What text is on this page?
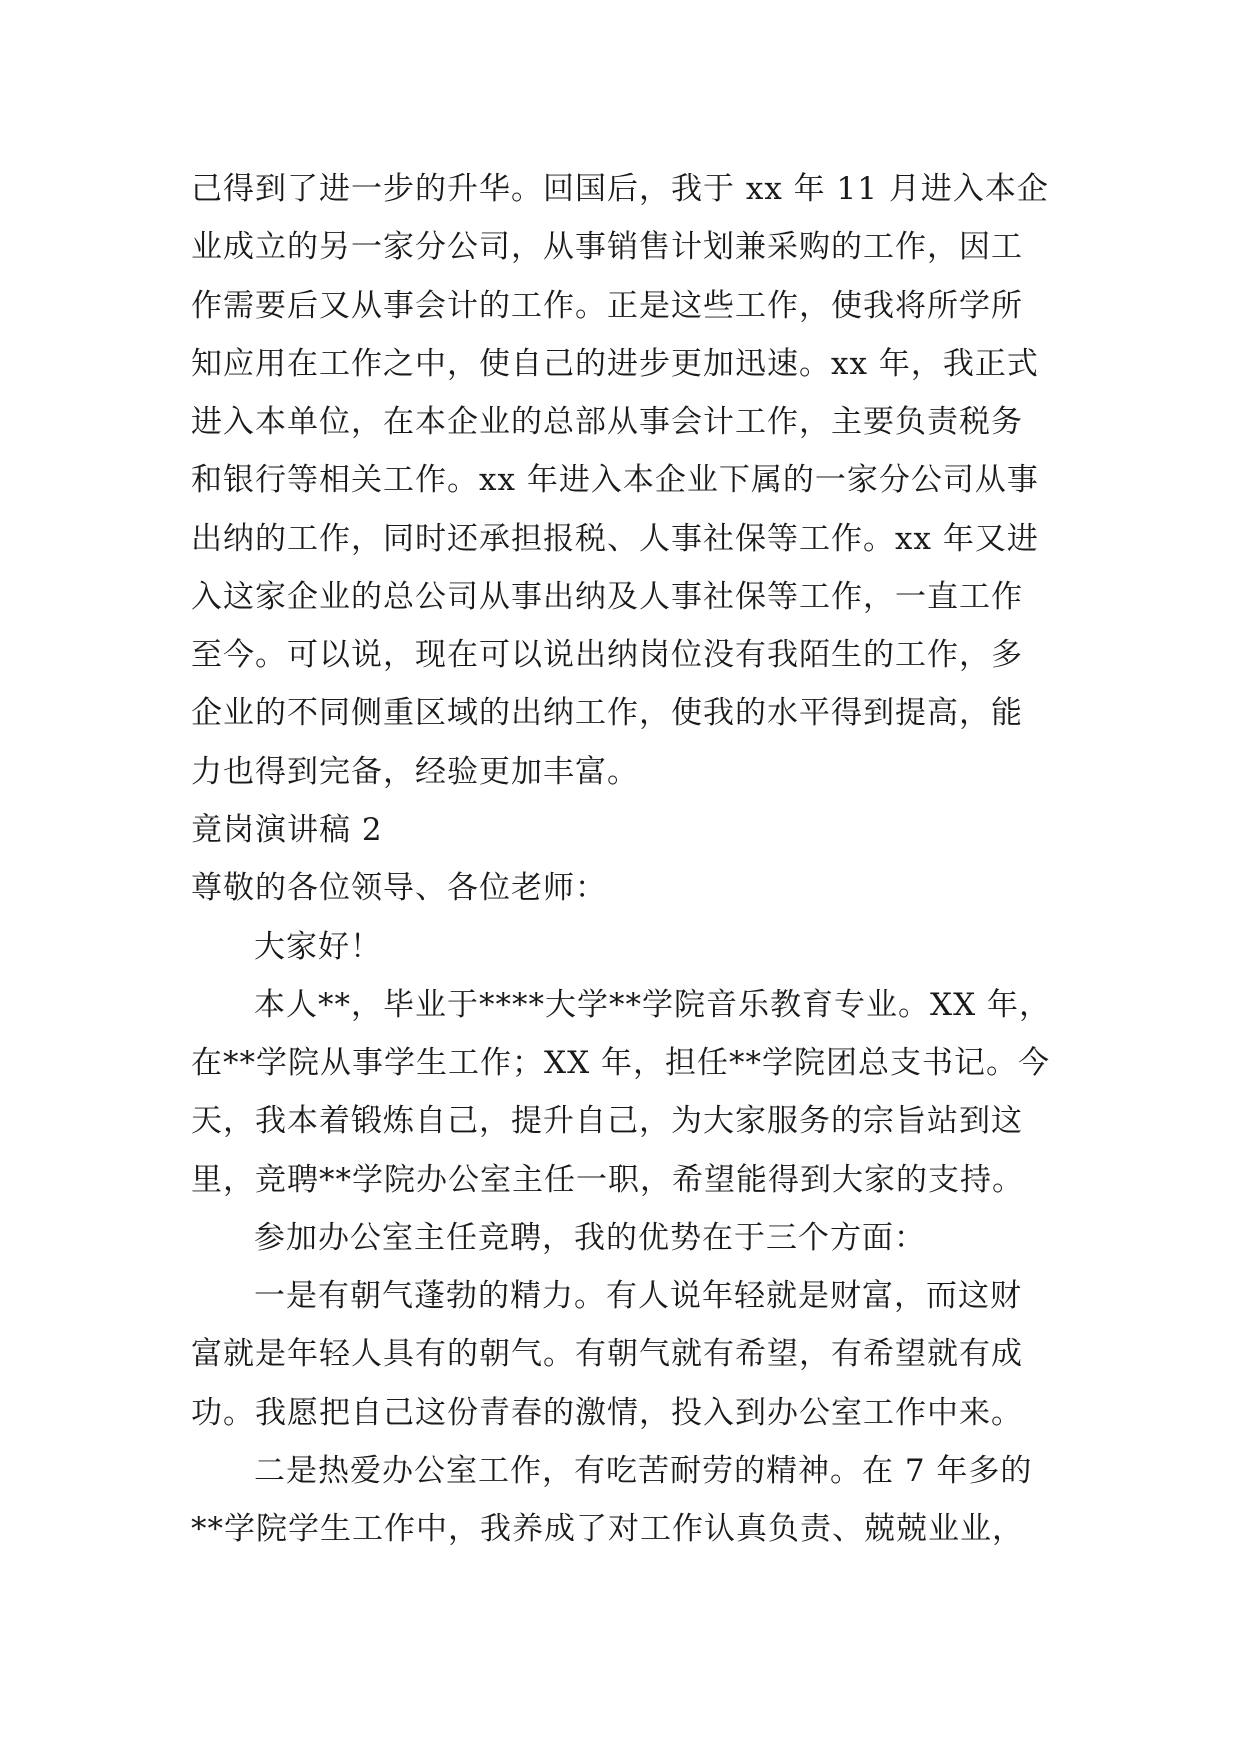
己得到了进一步的升华。回国后，我于 xx 年 11 月进入本企
业成立的另一家分公司，从事销售计划兼采购的工作，因工
作需要后又从事会计的工作。正是这些工作，使我将所学所
知应用在工作之中，使自己的进步更加迅速。xx 年，我正式
进入本单位，在本企业的总部从事会计工作，主要负责税务
和银行等相关工作。xx 年进入本企业下属的一家分公司从事
出纳的工作，同时还承担报税、人事社保等工作。xx 年又进
入这家企业的总公司从事出纳及人事社保等工作，一直工作
至今。可以说，现在可以说出纳岗位没有我陌生的工作，多
企业的不同侧重区域的出纳工作，使我的水平得到提高，能
力也得到完备，经验更加丰富。
竟岗演讲稿 2
尊敬的各位领导、各位老师：
大家好！
本人**，毕业于****大学**学院音乐教育专业。XX 年，
在**学院从事学生工作；XX 年，担任**学院团总支书记。今
天，我本着锻炼自己，提升自己，为大家服务的宗旨站到这
里，竞聘**学院办公室主任一职，希望能得到大家的支持。
参加办公室主任竞聘，我的优势在于三个方面：
一是有朝气蓬勃的精力。有人说年轻就是财富，而这财
富就是年轻人具有的朝气。有朝气就有希望，有希望就有成
功。我愿把自己这份青春的激情，投入到办公室工作中来。
二是热爱办公室工作，有吃苦耐劳的精神。在 7 年多的
**学院学生工作中，我养成了对工作认真负责、兢兢业业，
